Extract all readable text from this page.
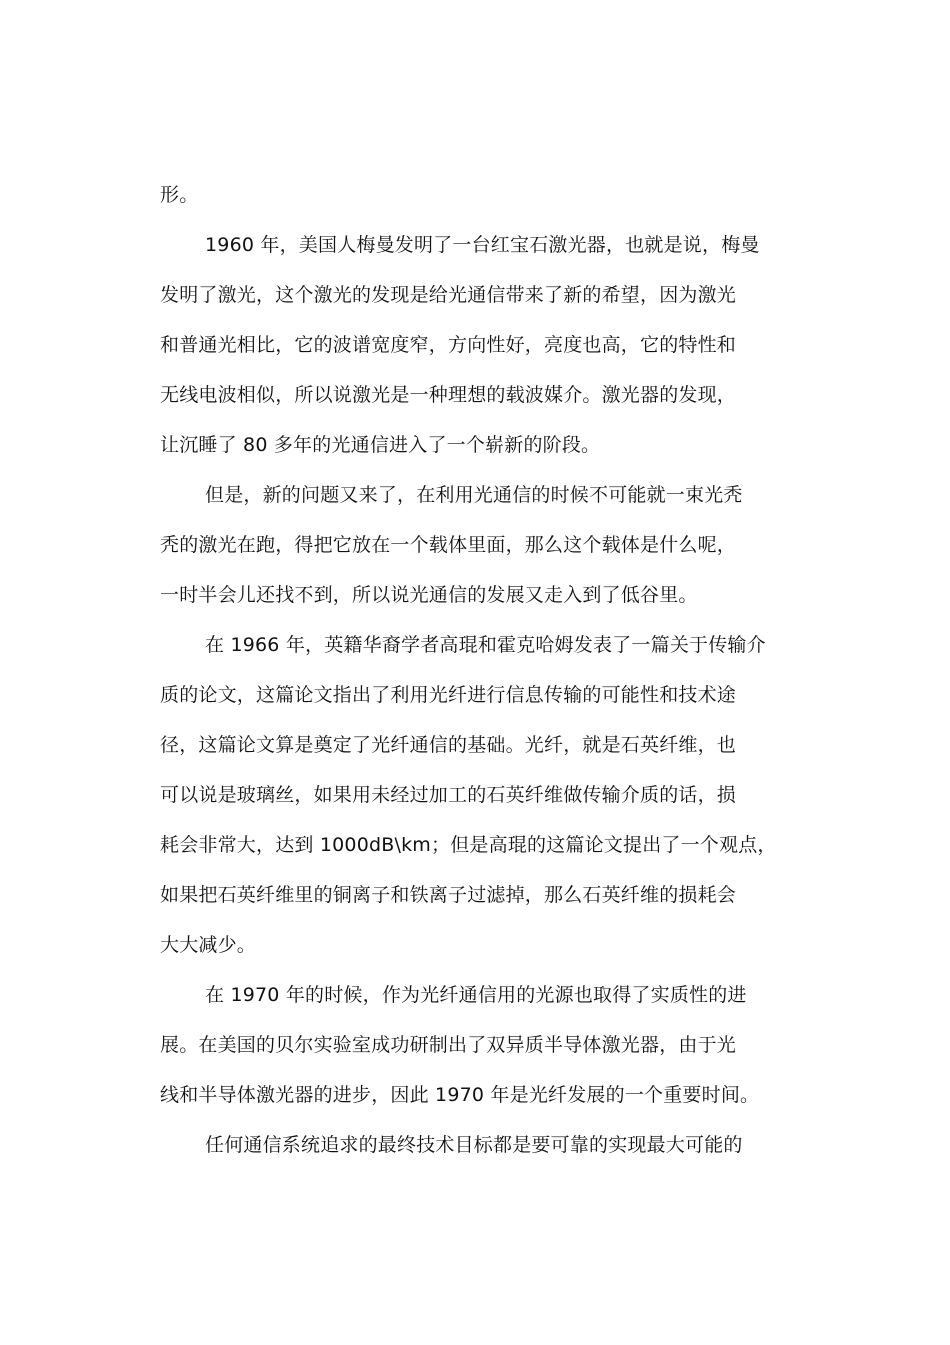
形。

1960 年，美国人梅曼发明了一台红宝石激光器，也就是说，梅曼

发明了激光，这个激光的发现是给光通信带来了新的希望，因为激光

和普通光相比，它的波谱宽度窄，方向性好，亮度也高，它的特性和

无线电波相似，所以说激光是一种理想的载波媒介。激光器的发现，

让沉睡了 80 多年的光通信进入了一个崭新的阶段。

但是，新的问题又来了，在利用光通信的时候不可能就一束光秃

秃的激光在跑，得把它放在一个载体里面，那么这个载体是什么呢，

一时半会儿还找不到，所以说光通信的发展又走入到了低谷里。

在 1966 年，英籍华裔学者高琨和霍克哈姆发表了一篇关于传输介

质的论文，这篇论文指出了利用光纤进行信息传输的可能性和技术途

径，这篇论文算是奠定了光纤通信的基础。光纤，就是石英纤维，也

可以说是玻璃丝，如果用未经过加工的石英纤维做传输介质的话，损

耗会非常大，达到 1000dB\km；但是高琨的这篇论文提出了一个观点，

如果把石英纤维里的铜离子和铁离子过滤掉，那么石英纤维的损耗会

大大减少。

在 1970 年的时候，作为光纤通信用的光源也取得了实质性的进

展。在美国的贝尔实验室成功研制出了双异质半导体激光器，由于光

线和半导体激光器的进步，因此 1970 年是光纤发展的一个重要时间。

任何通信系统追求的最终技术目标都是要可靠的实现最大可能的
